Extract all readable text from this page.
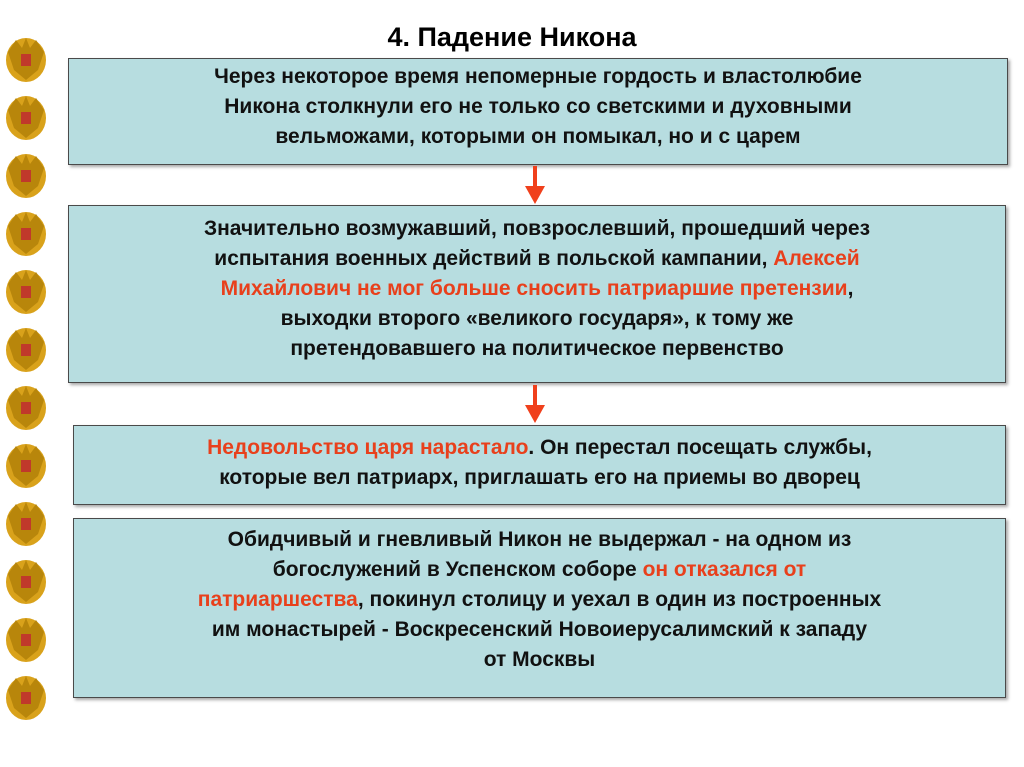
4. Падение Никона

Через некоторое время непомерные гордость и властолюбие

Никона столкнули его не только со светскими и духовными

вельможами, которыми он помыкал, но и с царем

Значительно возмужавший, повзрослевший, прошедший через

испытания военных действий в польской кампании, Алексей

Михайлович не мог больше сносить патриаршие претензии,

выходки второго «великого государя», к тому же

претендовавшего на политическое первенство

Недовольство царя нарастало. Он перестал посещать службы,

которые вел патриарх, приглашать его на приемы во дворец

Обидчивый и гневливый Никон не выдержал - на одном из

богослужений в Успенском соборе он отказался от

патриаршества, покинул столицу и уехал в один из построенных

им монастырей - Воскресенский Новоиерусалимский к западу

от Москвы
